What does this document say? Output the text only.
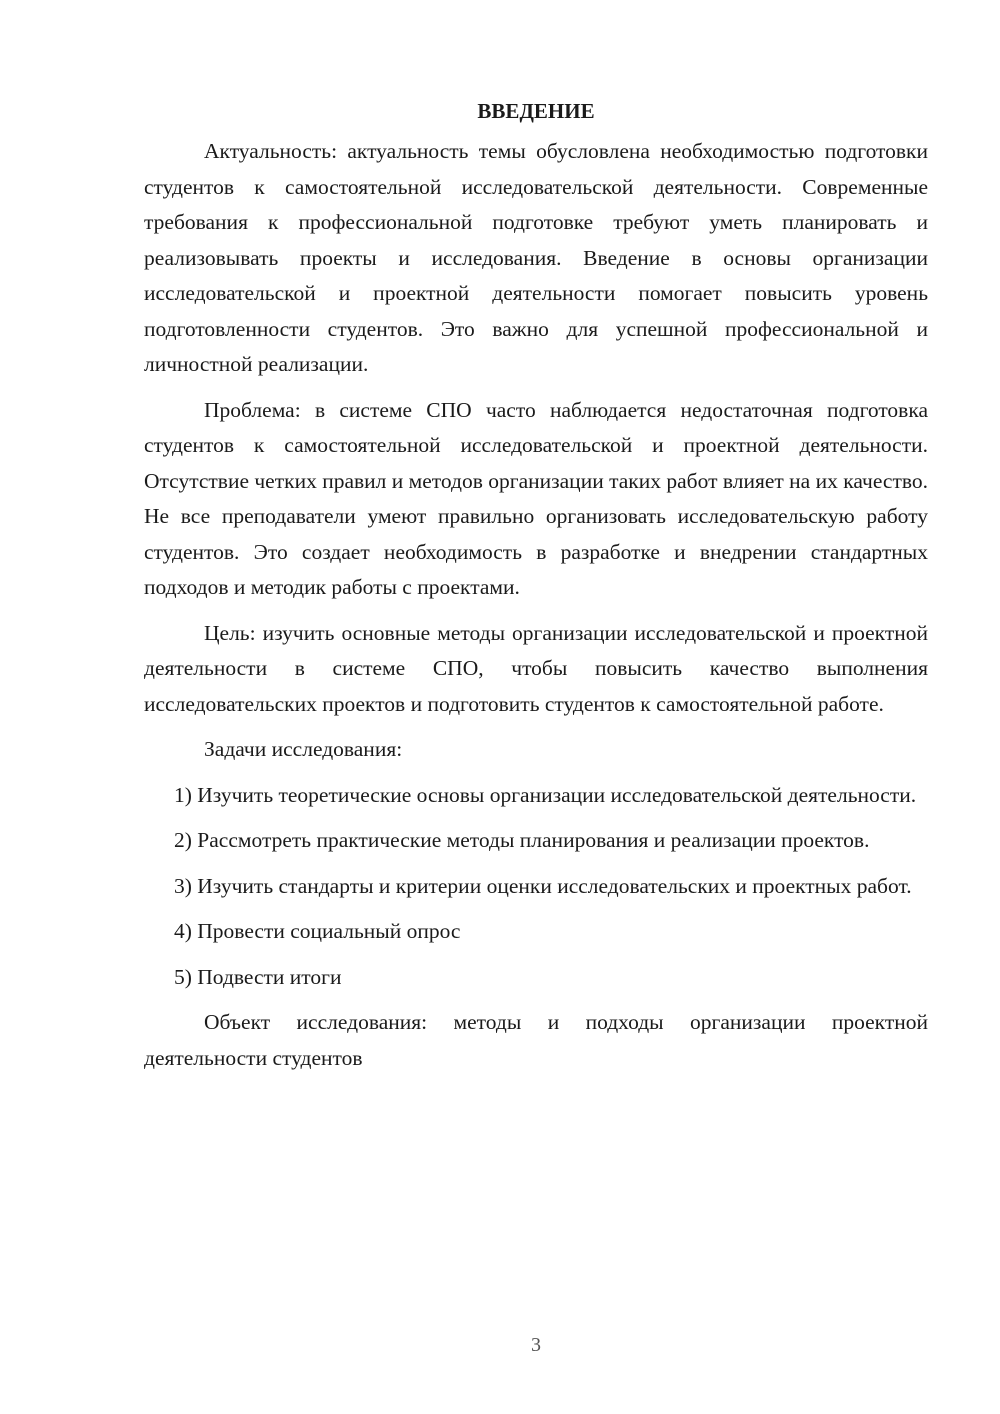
ВВЕДЕНИЕ

Актуальность: актуальность темы обусловлена необходимостью подготовки студентов к самостоятельной исследовательской деятельности. Современные требования к профессиональной подготовке требуют уметь планировать и реализовывать проекты и исследования. Введение в основы организации исследовательской и проектной деятельности помогает повысить уровень подготовленности студентов. Это важно для успешной профессиональной и личностной реализации.

Проблема: в системе СПО часто наблюдается недостаточная подготовка студентов к самостоятельной исследовательской и проектной деятельности. Отсутствие четких правил и методов организации таких работ влияет на их качество. Не все преподаватели умеют правильно организовать исследовательскую работу студентов. Это создает необходимость в разработке и внедрении стандартных подходов и методик работы с проектами.

Цель: изучить основные методы организации исследовательской и проектной деятельности в системе СПО, чтобы повысить качество выполнения исследовательских проектов и подготовить студентов к самостоятельной работе.

Задачи исследования:

1) Изучить теоретические основы организации исследовательской деятельности.

2) Рассмотреть практические методы планирования и реализации проектов.

3) Изучить стандарты и критерии оценки исследовательских и проектных работ.

4) Провести социальный опрос

5) Подвести итоги

Объект исследования: методы и подходы организации проектной деятельности студентов

3
